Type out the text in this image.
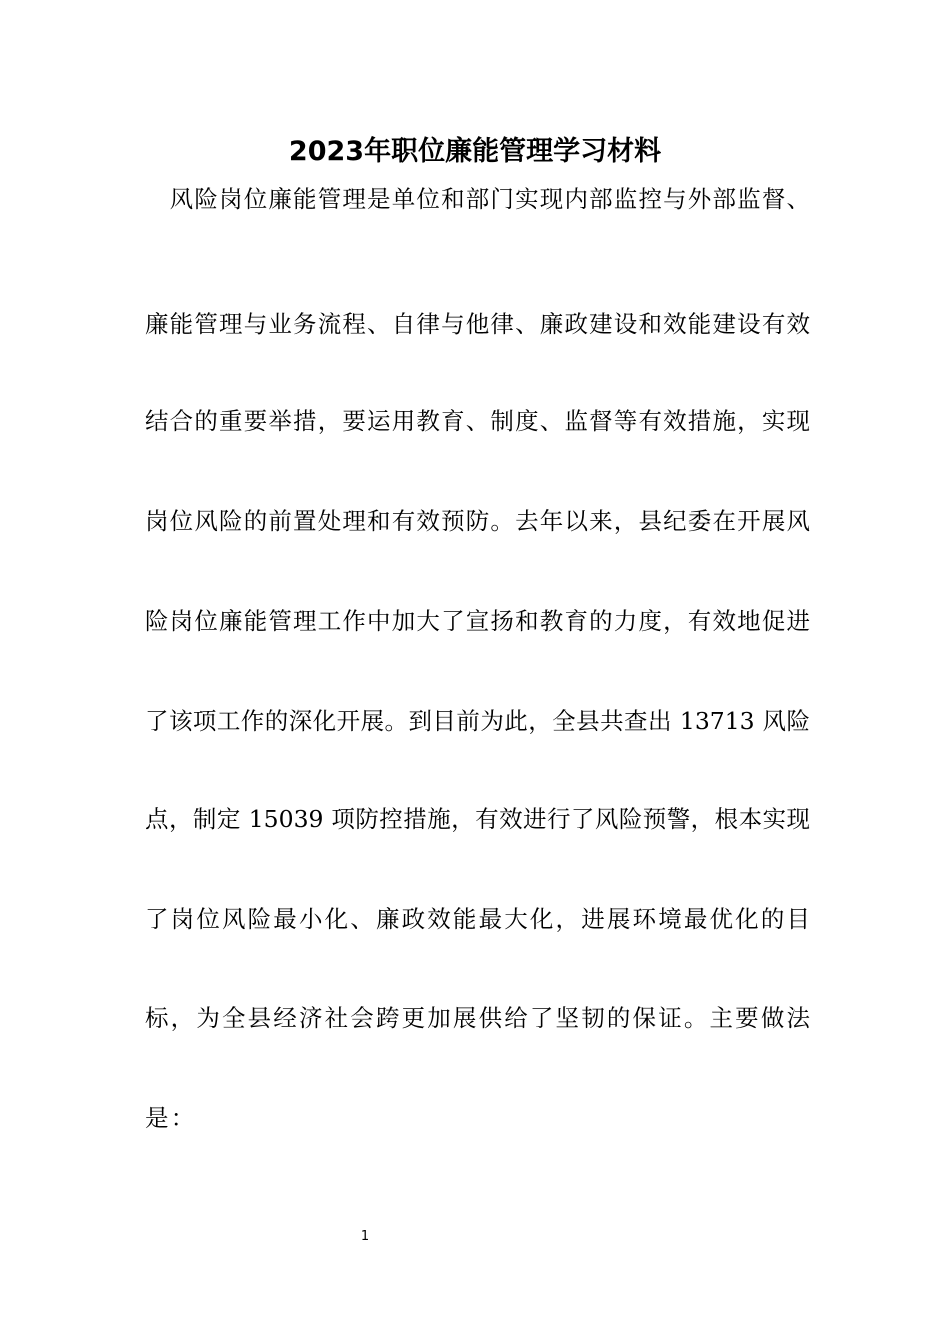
2023年职位廉能管理学习材料
　风险岗位廉能管理是单位和部门实现内部监控与外部监督、
廉能管理与业务流程、自律与他律、廉政建设和效能建设有效
结合的重要举措，要运用教育、制度、监督等有效措施，实现
岗位风险的前置处理和有效预防。去年以来，县纪委在开展风
险岗位廉能管理工作中加大了宣扬和教育的力度，有效地促进
了该项工作的深化开展。到目前为此，全县共查出 13713 风险
点，制定 15039 项防控措施，有效进行了风险预警，根本实现
了岗位风险最小化、廉政效能最大化，进展环境最优化的目
标，为全县经济社会跨更加展供给了坚韧的保证。主要做法
是：
1
